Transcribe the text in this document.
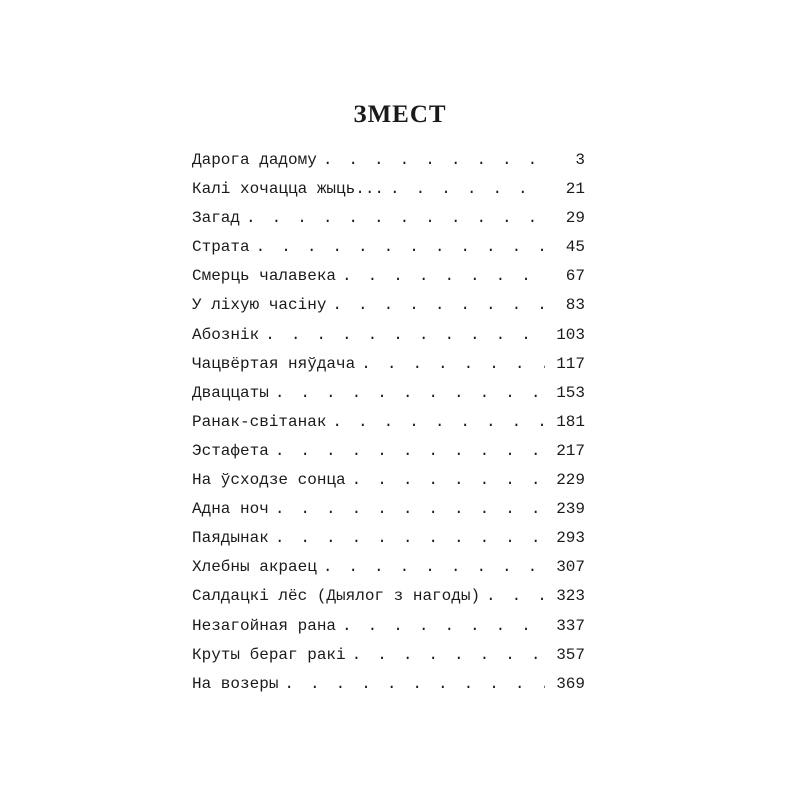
ЗМЕСТ
Дарога дадому . . .	3
Калі хочацца жыць... . . .	21
Загад . . .	29
Страта . . .	45
Смерць чалавека . . .	67
У ліхую часіну . . .	83
Абознік . . .	103
Чацвёртая няўдача . . .	117
Дваццаты . . .	153
Ранак-світанак . . .	181
Эстафета . . .	217
На ўсходзе сонца . . .	229
Адна ноч . . .	239
Паядынак . . .	293
Хлебны акраец . . .	307
Салдацкі лёс (Дыялог з нагоды) . . .	323
Незагойная рана . . .	337
Круты бераг ракі . . .	357
На возеры . . .	369
